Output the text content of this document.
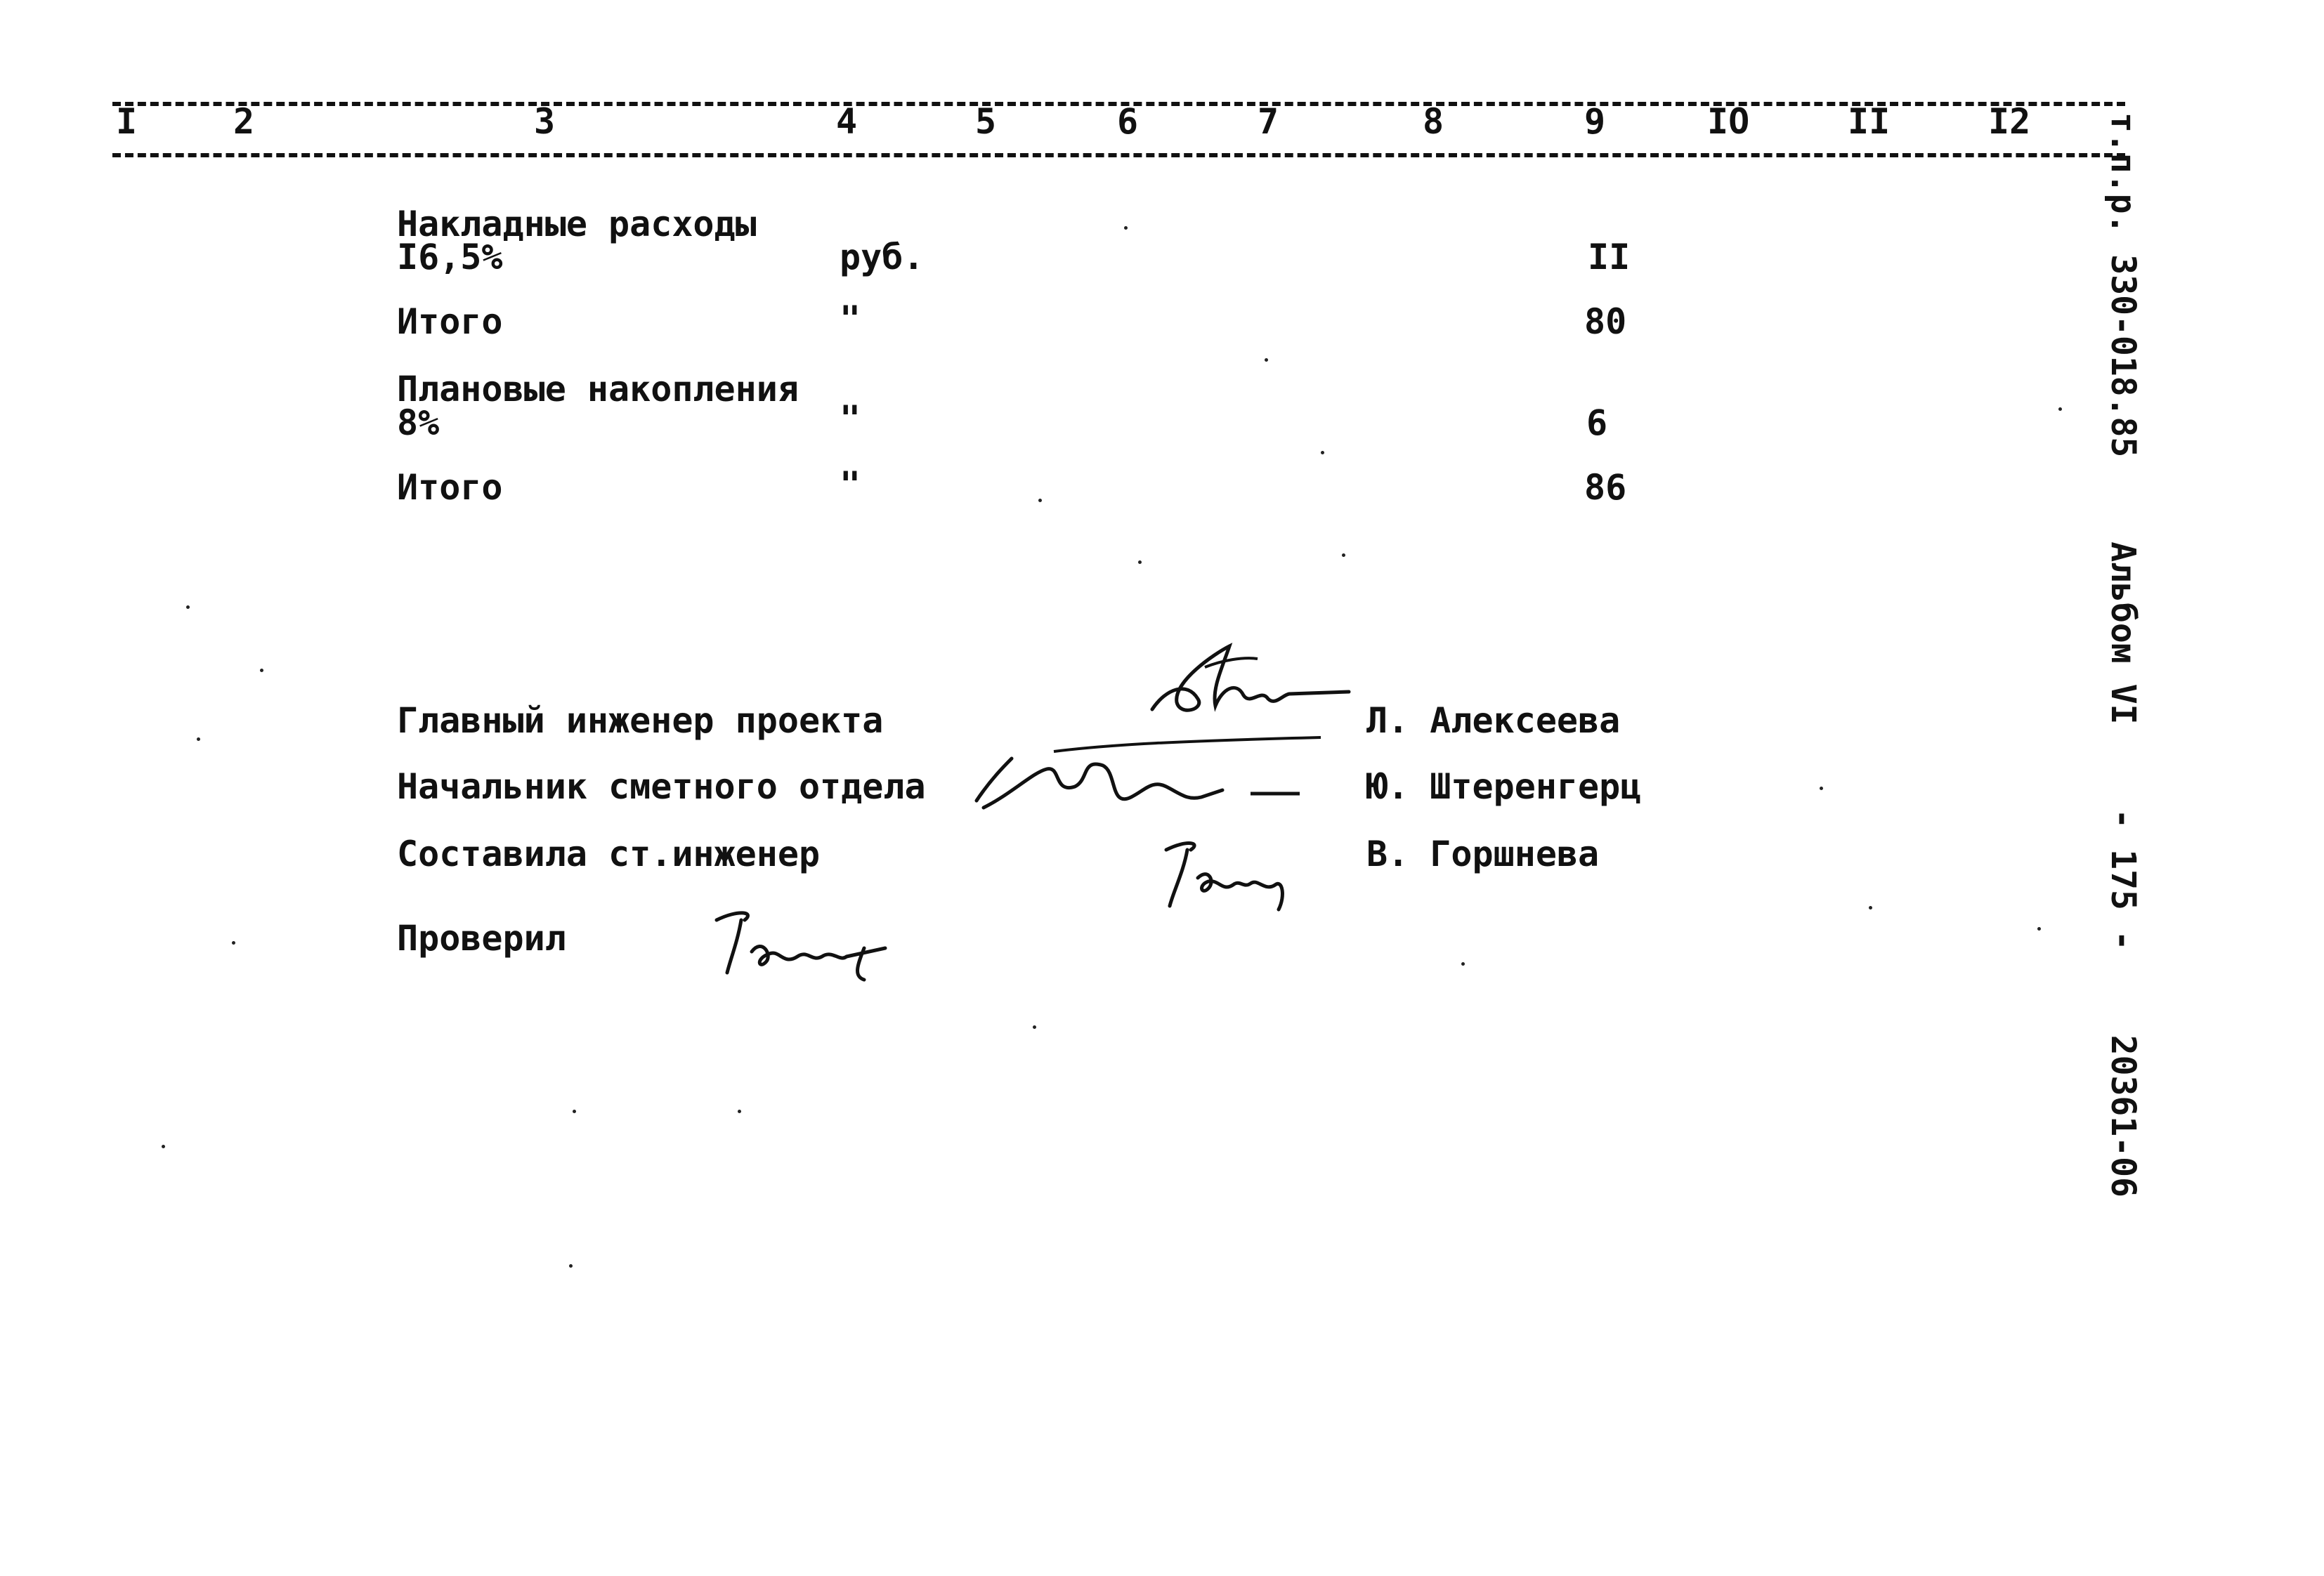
I	2	3	4	5	6	7	8	9	IO	II	I2
Накладные расходы
I6,5%	руб.	II
Итого	"	80
Плановые накопления
8%	"	6
Итого	"	86
Главный инженер проекта	Л. Алексеева
Начальник сметного отдела	Ю. Штеренгерц
Составила ст.инженер	В. Горшнева
Проверил
т.п.р. 330-018.85
Альбом VI
- 175 -
20361-06
